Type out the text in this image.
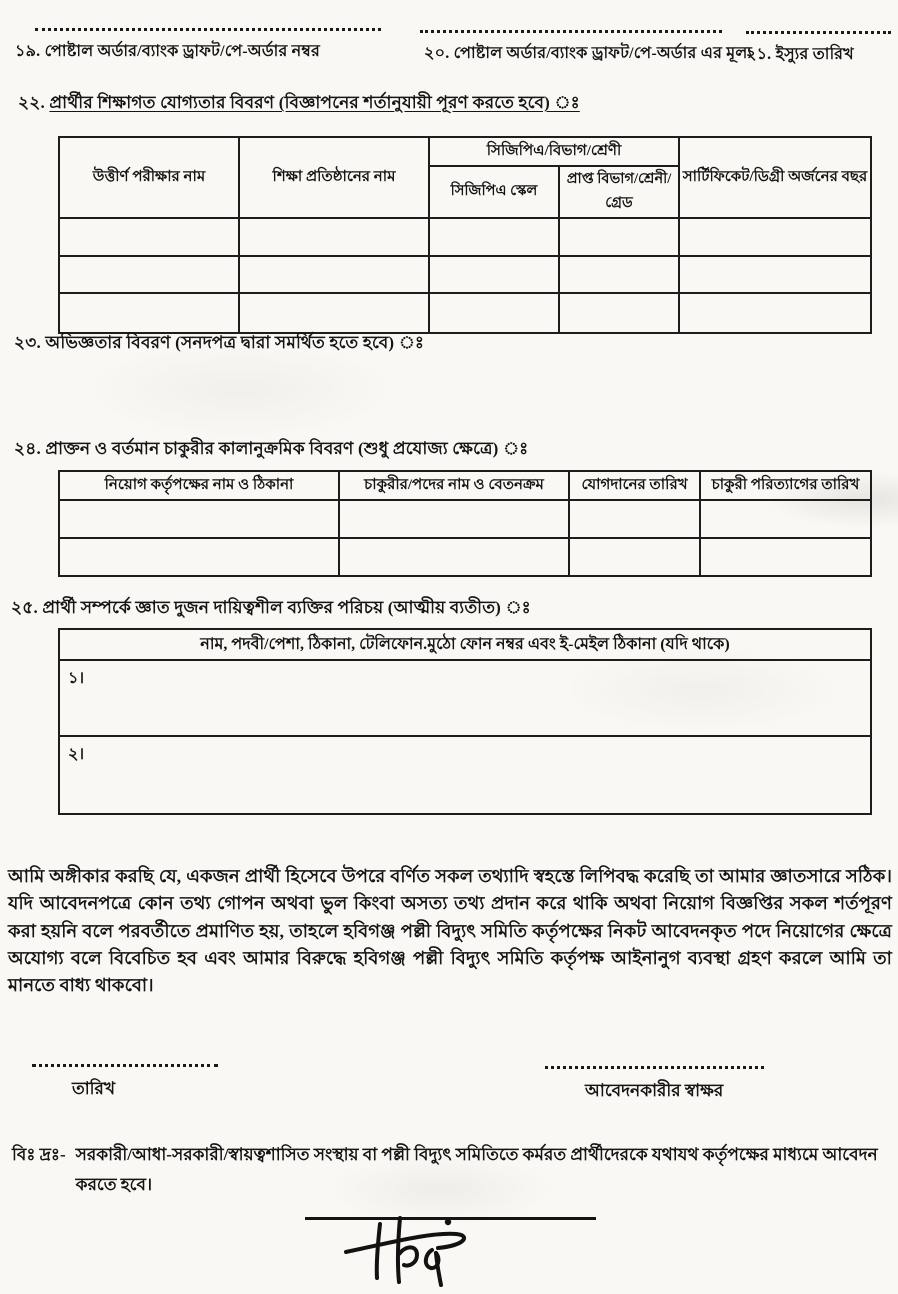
১৯. পোষ্টাল অর্ডার/ব্যাংক ড্রাফট/পে-অর্ডার নম্বর	২০. পোষ্টাল অর্ডার/ব্যাংক ড্রাফট/পে-অর্ডার এর মূল্য
২১. ইস্যুর তারিখ
২২. প্রার্থীর শিক্ষাগত যোগ্যতার বিবরণ (বিজ্ঞাপনের শর্তানুযায়ী পূরণ করতে হবে) ঃ
উত্তীর্ণ পরীক্ষার নাম	শিক্ষা প্রতিষ্ঠানের নাম	সিজিপিএ/বিভাগ/শ্রেণী		সার্টিফিকেট/ডিগ্রী অর্জনের বছর
		সিজিপিএ স্কেল	প্রাপ্ত বিভাগ/শ্রেনী/গ্রেড	

২৩. অভিজ্ঞতার বিবরণ (সনদপত্র দ্বারা সমর্থিত হতে হবে) ঃ
২৪. প্রাক্তন ও বর্তমান চাকুরীর কালানুক্রমিক বিবরণ (শুধু প্রযোজ্য ক্ষেত্রে) ঃ
নিয়োগ কর্তৃপক্ষের নাম ও ঠিকানা	চাকুরীর/পদের নাম ও বেতনক্রম	যোগদানের তারিখ	চাকুরী পরিত্যাগের তারিখ

২৫. প্রার্থী সম্পর্কে জ্ঞাত দুজন দায়িত্বশীল ব্যক্তির পরিচয় (আত্মীয় ব্যতীত) ঃ
নাম, পদবী/পেশা, ঠিকানা, টেলিফোন.মুঠো ফোন নম্বর এবং ই-মেইল ঠিকানা (যদি থাকে)
১।
২।
আমি অঙ্গীকার করছি যে, একজন প্রার্থী হিসেবে উপরে বর্ণিত সকল তথ্যাদি স্বহস্তে লিপিবদ্ধ করেছি তা আমার জ্ঞাতসারে সঠিক। যদি আবেদনপত্রে কোন তথ্য গোপন অথবা ভুল কিংবা অসত্য তথ্য প্রদান করে থাকি অথবা নিয়োগ বিজ্ঞপ্তির সকল শর্তপূরণ করা হয়নি বলে পরবর্তীতে প্রমাণিত হয়, তাহলে হবিগঞ্জ পল্লী বিদ্যুৎ সমিতি কর্তৃপক্ষের নিকট আবেদনকৃত পদে নিয়োগের ক্ষেত্রে অযোগ্য বলে বিবেচিত হব এবং আমার বিরুদ্ধে হবিগঞ্জ পল্লী বিদ্যুৎ সমিতি কর্তৃপক্ষ আইনানুগ ব্যবস্থা গ্রহণ করলে আমি তা মানতে বাধ্য থাকবো।
তারিখ	আবেদনকারীর স্বাক্ষর
বিঃ দ্রঃ- সরকারী/আধা-সরকারী/স্বায়ত্বশাসিত সংস্থায় বা পল্লী বিদ্যুৎ সমিতিতে কর্মরত প্রার্থীদেরকে যথাযথ কর্তৃপক্ষের মাধ্যমে আবেদন করতে হবে।
